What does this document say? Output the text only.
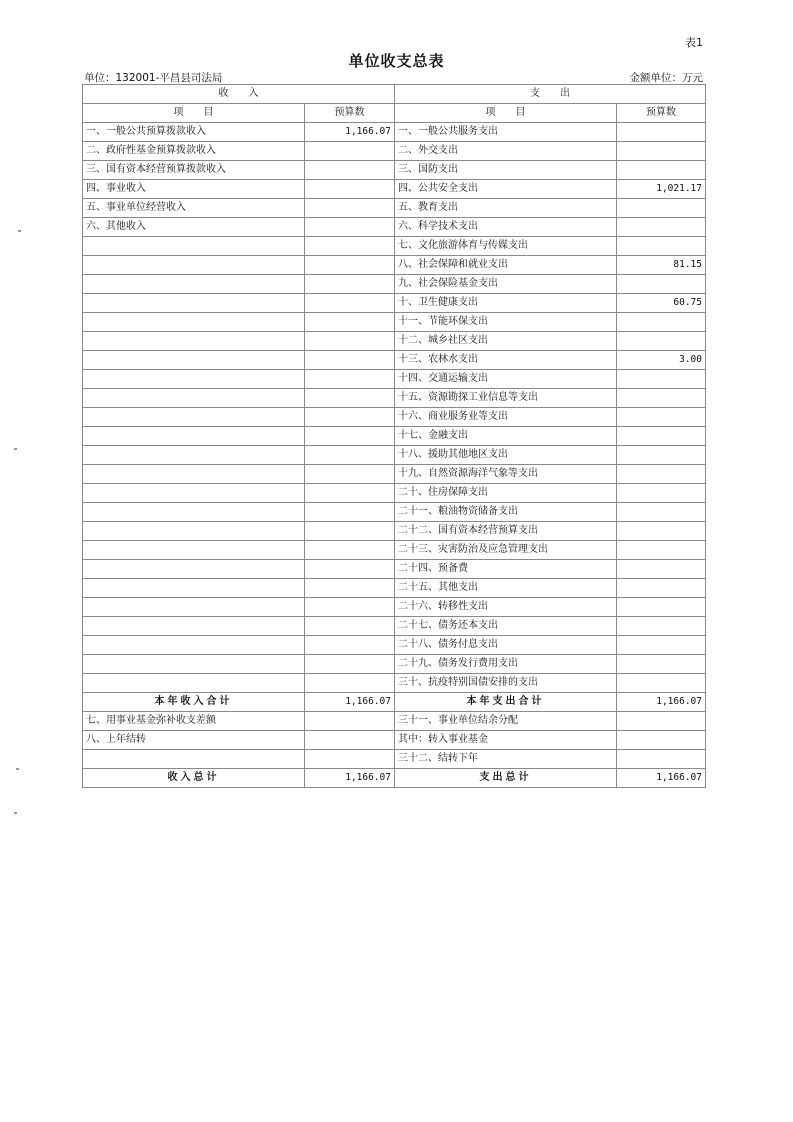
表1
单位收支总表
单位：132001-平昌县司法局	金额单位：万元
收　　入		支　　出	
项　　目	预算数	项　　目	预算数
一、一般公共预算拨款收入	1,166.07	一、一般公共服务支出	
二、政府性基金预算拨款收入		二、外交支出	
三、国有资本经营预算拨款收入		三、国防支出	
四、事业收入		四、公共安全支出	1,021.17
五、事业单位经营收入		五、教育支出	
六、其他收入		六、科学技术支出	
		七、文化旅游体育与传媒支出	
		八、社会保障和就业支出	81.15
		九、社会保险基金支出	
		十、卫生健康支出	60.75
		十一、节能环保支出	
		十二、城乡社区支出	
		十三、农林水支出	3.00
		十四、交通运输支出	
		十五、资源勘探工业信息等支出	
		十六、商业服务业等支出	
		十七、金融支出	
		十八、援助其他地区支出	
		十九、自然资源海洋气象等支出	
		二十、住房保障支出	
		二十一、粮油物资储备支出	
		二十二、国有资本经营预算支出	
		二十三、灾害防治及应急管理支出	
		二十四、预备费	
		二十五、其他支出	
		二十六、转移性支出	
		二十七、债务还本支出	
		二十八、债务付息支出	
		二十九、债务发行费用支出	
		三十、抗疫特别国债安排的支出	
本年收入合计	1,166.07	本年支出合计	1,166.07
七、用事业基金弥补收支差额		三十一、事业单位结余分配	
八、上年结转		其中：转入事业基金	
		三十二、结转下年	
收入总计	1,166.07	支出总计	1,166.07
